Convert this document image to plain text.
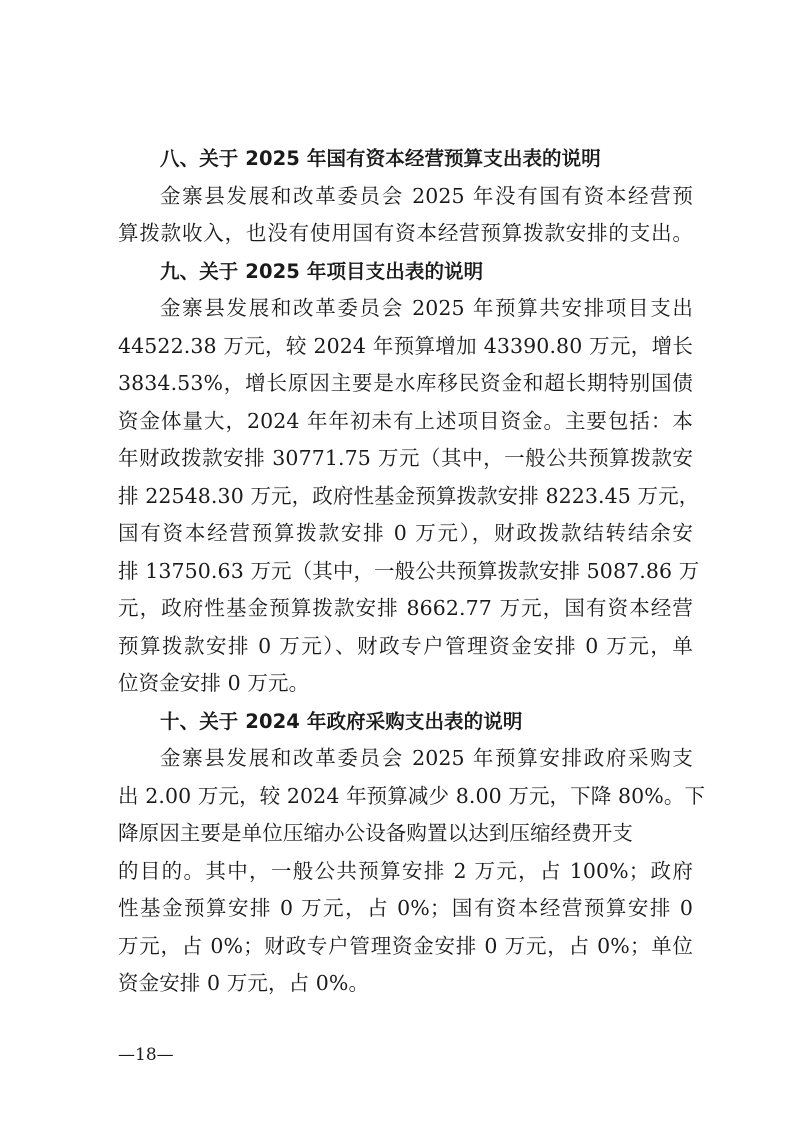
八、关于 2025 年国有资本经营预算支出表的说明
金寨县发展和改革委员会 2025 年没有国有资本经营预
算拨款收入，也没有使用国有资本经营预算拨款安排的支出。
九、关于 2025 年项目支出表的说明
金寨县发展和改革委员会 2025 年预算共安排项目支出
44522.38 万元，较 2024 年预算增加 43390.80 万元，增长
3834.53%，增长原因主要是水库移民资金和超长期特别国债
资金体量大，2024 年年初未有上述项目资金。主要包括：本
年财政拨款安排 30771.75 万元（其中，一般公共预算拨款安
排 22548.30 万元，政府性基金预算拨款安排 8223.45 万元，
国有资本经营预算拨款安排 0 万元），财政拨款结转结余安
排 13750.63 万元（其中，一般公共预算拨款安排 5087.86 万
元，政府性基金预算拨款安排 8662.77 万元，国有资本经营
预算拨款安排 0 万元）、财政专户管理资金安排 0 万元，单
位资金安排 0 万元。
十、关于 2024 年政府采购支出表的说明
金寨县发展和改革委员会 2025 年预算安排政府采购支
出 2.00 万元，较 2024 年预算减少 8.00 万元，下降 80%。下
降原因主要是单位压缩办公设备购置以达到压缩经费开支
的目的。其中，一般公共预算安排 2 万元，占 100%；政府
性基金预算安排 0 万元，占 0%；国有资本经营预算安排 0
万元，占 0%；财政专户管理资金安排 0 万元，占 0%；单位
资金安排 0 万元，占 0%。
—18—
